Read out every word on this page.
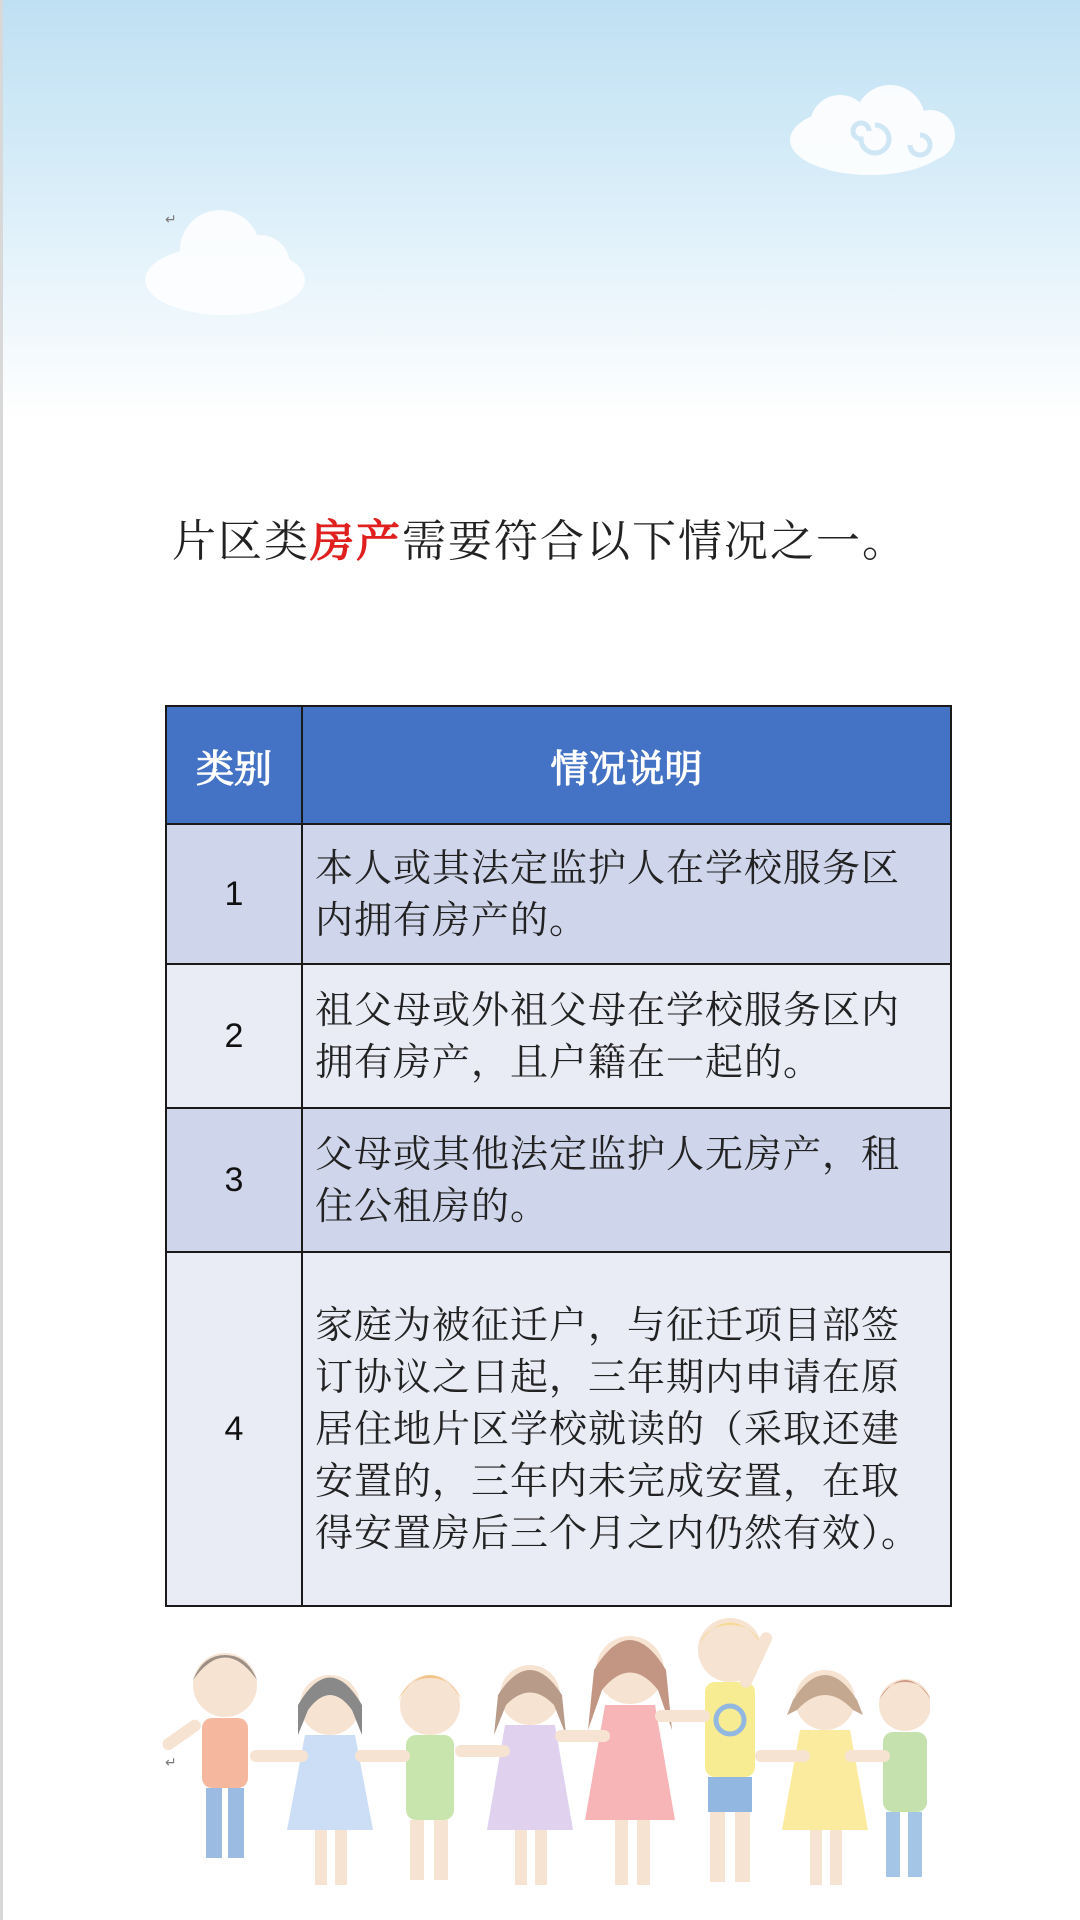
↵
↵
片区类房产需要符合以下情况之一。
类别	情况说明
1	本人或其法定监护人在学校服务区内拥有房产的。
2	祖父母或外祖父母在学校服务区内拥有房产，且户籍在一起的。
3	父母或其他法定监护人无房产，租住公租房的。
4	家庭为被征迁户，与征迁项目部签订协议之日起，三年期内申请在原居住地片区学校就读的（采取还建安置的，三年内未完成安置，在取得安置房后三个月之内仍然有效）。
